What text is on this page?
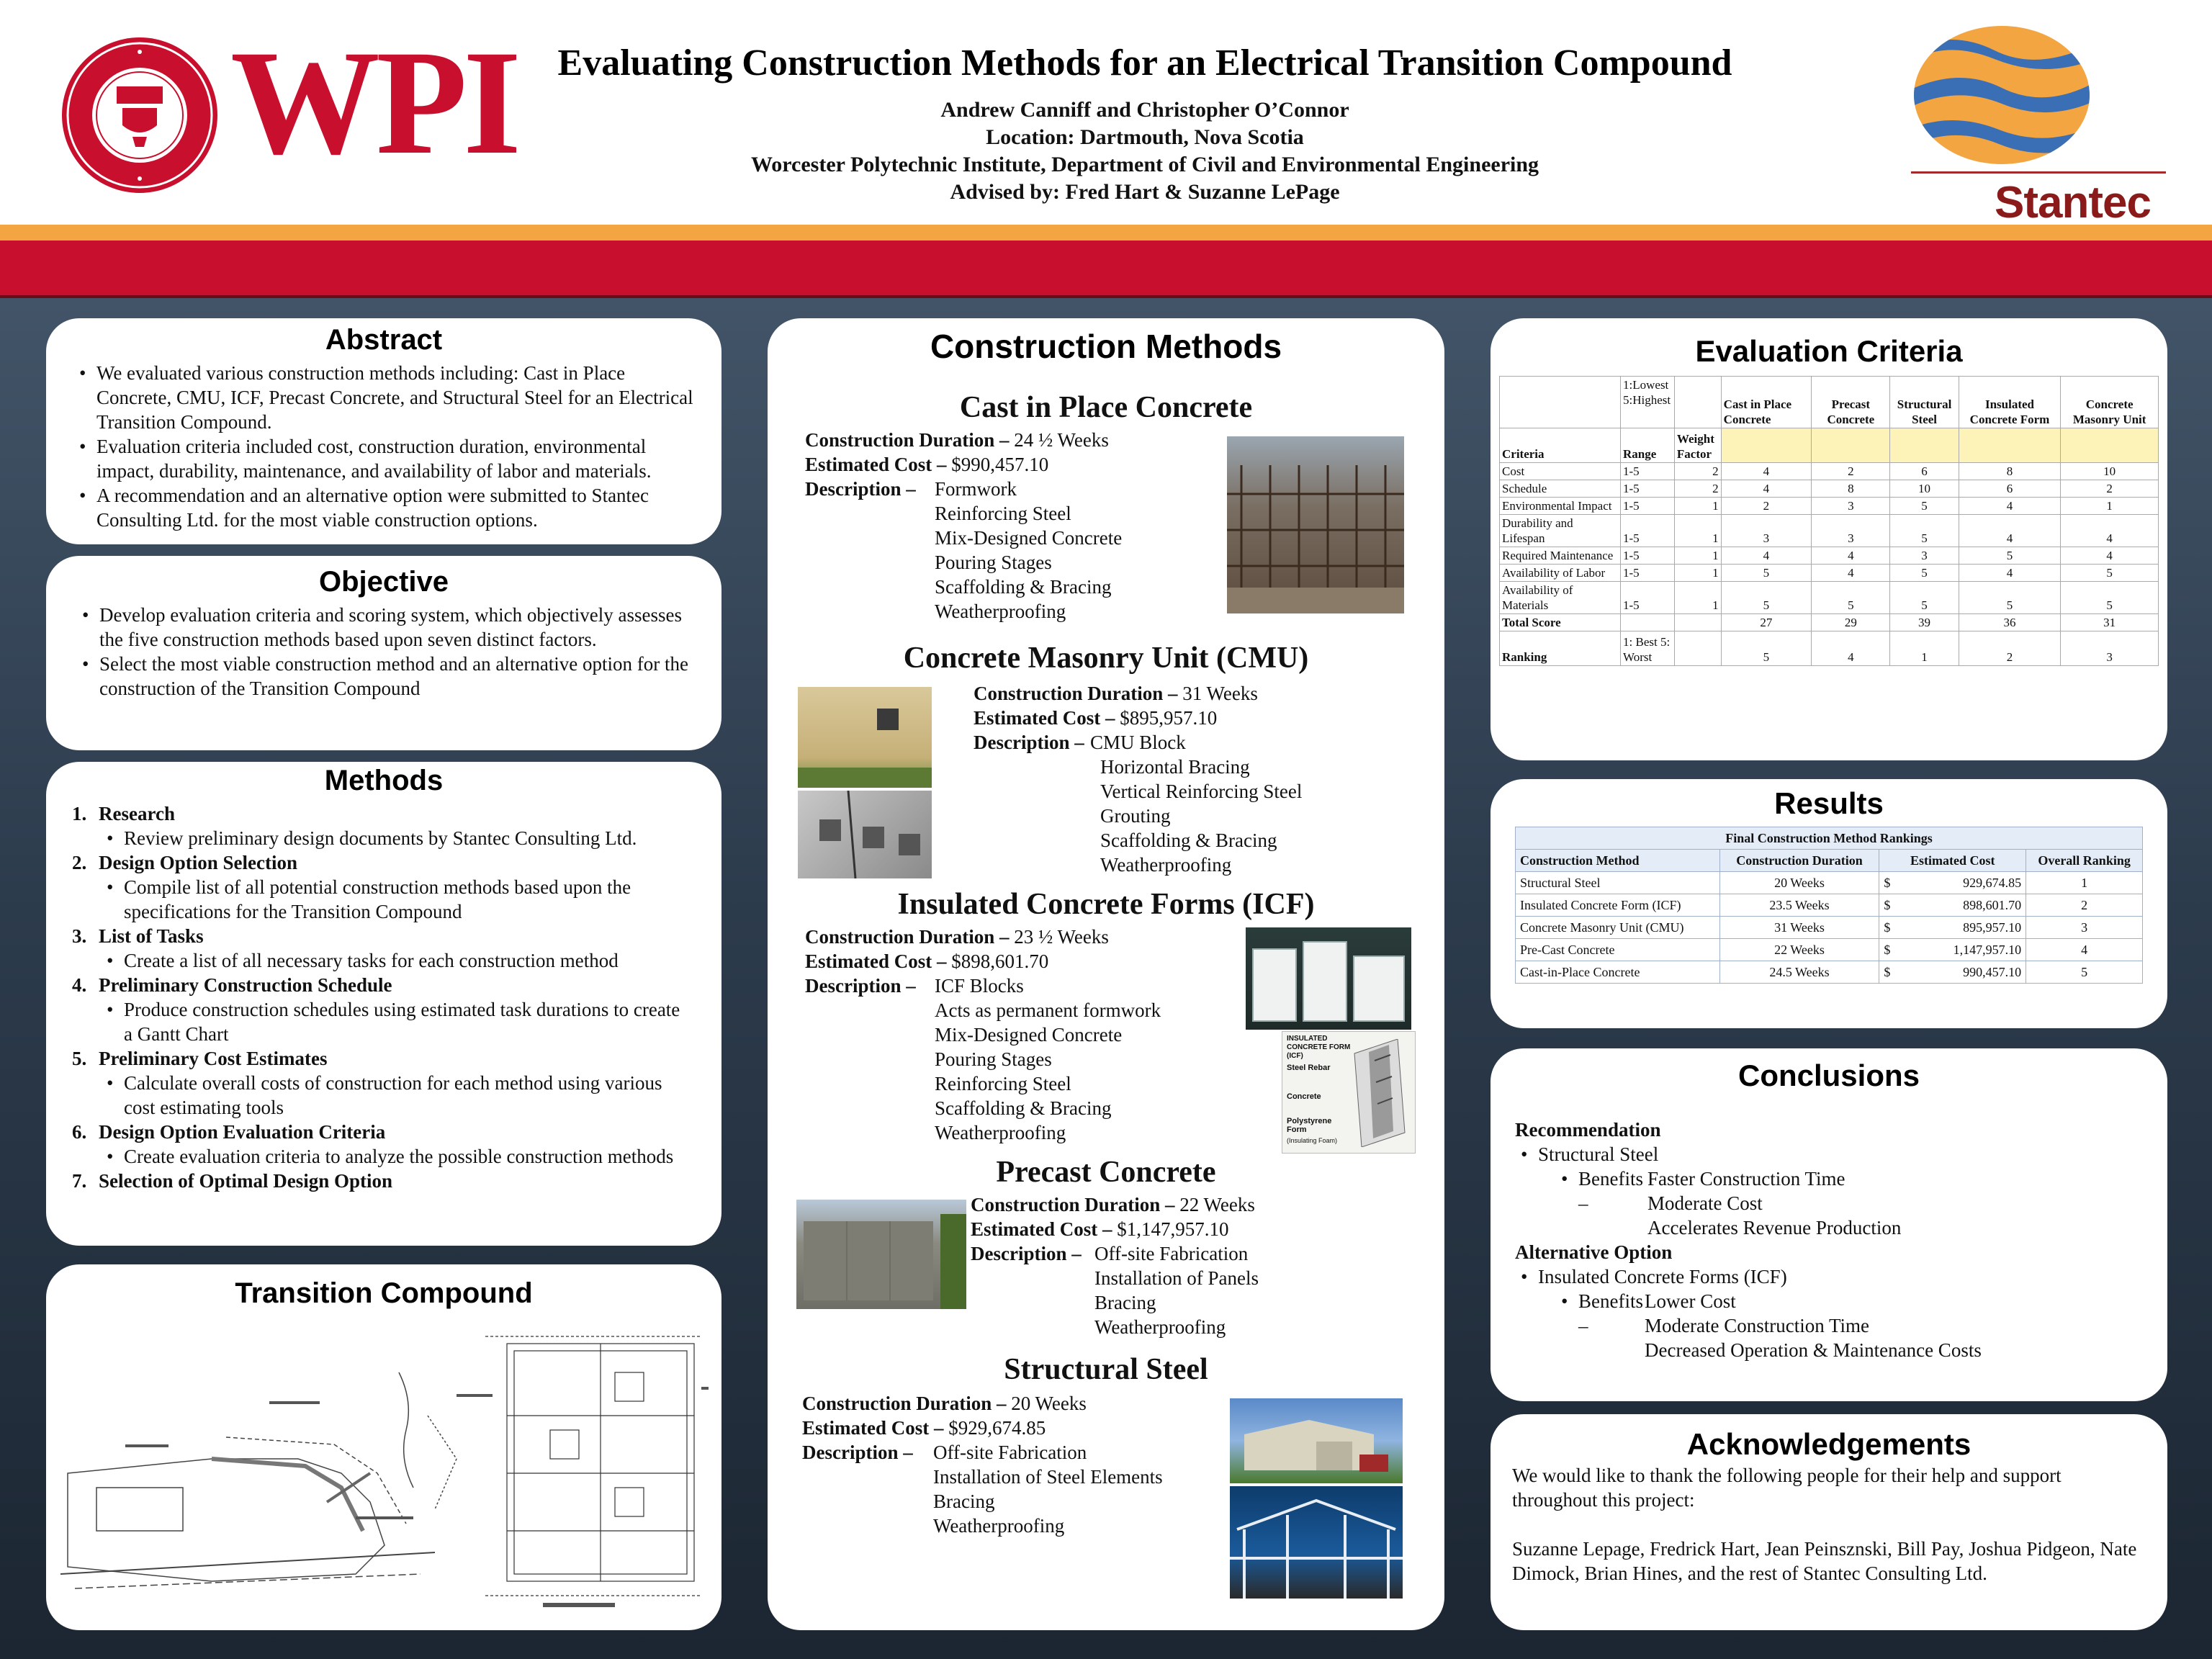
WPI	Evaluating Construction Methods for an Electrical Transition Compound
Andrew Canniff and Christopher O’Connor
Location: Dartmouth, Nova Scotia
Worcester Polytechnic Institute, Department of Civil and Environmental Engineering
Advised by: Fred Hart & Suzanne LePage	Stantec
Abstract
• We evaluated various construction methods including: Cast in Place Concrete, CMU, ICF, Precast Concrete, and Structural Steel for an Electrical Transition Compound.
• Evaluation criteria included cost, construction duration, environmental impact, durability, maintenance, and availability of labor and materials.
• A recommendation and an alternative option were submitted to Stantec Consulting Ltd. for the most viable construction options.
Objective
• Develop evaluation criteria and scoring system, which objectively assesses the five construction methods based upon seven distinct factors.
• Select the most viable construction method and an alternative option for the construction of the Transition Compound
Methods
1. Research
• Review preliminary design documents by Stantec Consulting Ltd.
2. Design Option Selection
• Compile list of all potential construction methods based upon the specifications for the Transition Compound
3. List of Tasks
• Create a list of all necessary tasks for each construction method
4. Preliminary Construction Schedule
• Produce construction schedules using estimated task durations to create a Gantt Chart
5. Preliminary Cost Estimates
• Calculate overall costs of construction for each method using various cost estimating tools
6. Design Option Evaluation Criteria
• Create evaluation criteria to analyze the possible construction methods
7. Selection of Optimal Design Option
Transition Compound
Construction Methods
Cast in Place Concrete
Construction Duration – 24 ½ Weeks
Estimated Cost – $990,457.10
Description – Formwork
Reinforcing Steel
Mix-Designed Concrete
Pouring Stages
Scaffolding & Bracing
Weatherproofing
Concrete Masonry Unit (CMU)
Construction Duration – 31 Weeks
Estimated Cost – $895,957.10
Description – CMU Block
Horizontal Bracing
Vertical Reinforcing Steel
Grouting
Scaffolding & Bracing
Weatherproofing
Insulated Concrete Forms (ICF)
Construction Duration – 23 ½ Weeks
Estimated Cost – $898,601.70
Description – ICF Blocks
Acts as permanent formwork
Mix-Designed Concrete
Pouring Stages
Reinforcing Steel
Scaffolding & Bracing
Weatherproofing
INSULATED CONCRETE FORM (ICF)
Steel Rebar
Concrete
Polystyrene Form
(Insulating Foam)
Precast Concrete
Construction Duration – 22 Weeks
Estimated Cost – $1,147,957.10
Description – Off-site Fabrication
Installation of Panels
Bracing
Weatherproofing
Structural Steel
Construction Duration – 20 Weeks
Estimated Cost – $929,674.85
Description –	Off-site Fabrication
Installation of Steel Elements
Bracing
Weatherproofing
Evaluation Criteria
	1:Lowest 5:Highest		Cast in Place Concrete	Precast Concrete	Structural Steel	Insulated Concrete Form	Concrete Masonry Unit
Criteria	Range	Weight Factor					
Cost	1-5	2	4	2	6	8	10
Schedule	1-5	2	4	8	10	6	2
Environmental Impact	1-5	1	2	3	5	4	1
Durability and Lifespan	1-5	1	3	3	5	4	4
Required Maintenance	1-5	1	4	4	3	5	4
Availability of Labor	1-5	1	5	4	5	4	5
Availability of Materials	1-5	1	5	5	5	5	5
Total Score			27	29	39	36	31
Ranking	1: Best 5: Worst		5	4	1	2	3
Results
Final Construction Method Rankings				
Construction Method	Construction Duration	Estimated Cost		Overall Ranking
Structural Steel	20 Weeks	$	929,674.85	1
Insulated Concrete Form (ICF)	23.5 Weeks	$	898,601.70	2
Concrete Masonry Unit (CMU)	31 Weeks	$	895,957.10	3
Pre-Cast Concrete	22 Weeks	$	1,147,957.10	4
Cast-in-Place Concrete	24.5 Weeks	$	990,457.10	5
Conclusions
Recommendation
• Structural Steel
• Benefits –
Faster Construction Time
Moderate Cost
Accelerates Revenue Production
Alternative Option
• Insulated Concrete Forms (ICF)
• Benefits –
Lower Cost
Moderate Construction Time
Decreased Operation & Maintenance Costs
Acknowledgements
We would like to thank the following people for their help and support throughout this project:
Suzanne Lepage, Fredrick Hart, Jean Peinsznski, Bill Pay, Joshua Pidgeon, Nate Dimock, Brian Hines, and the rest of Stantec Consulting Ltd.
